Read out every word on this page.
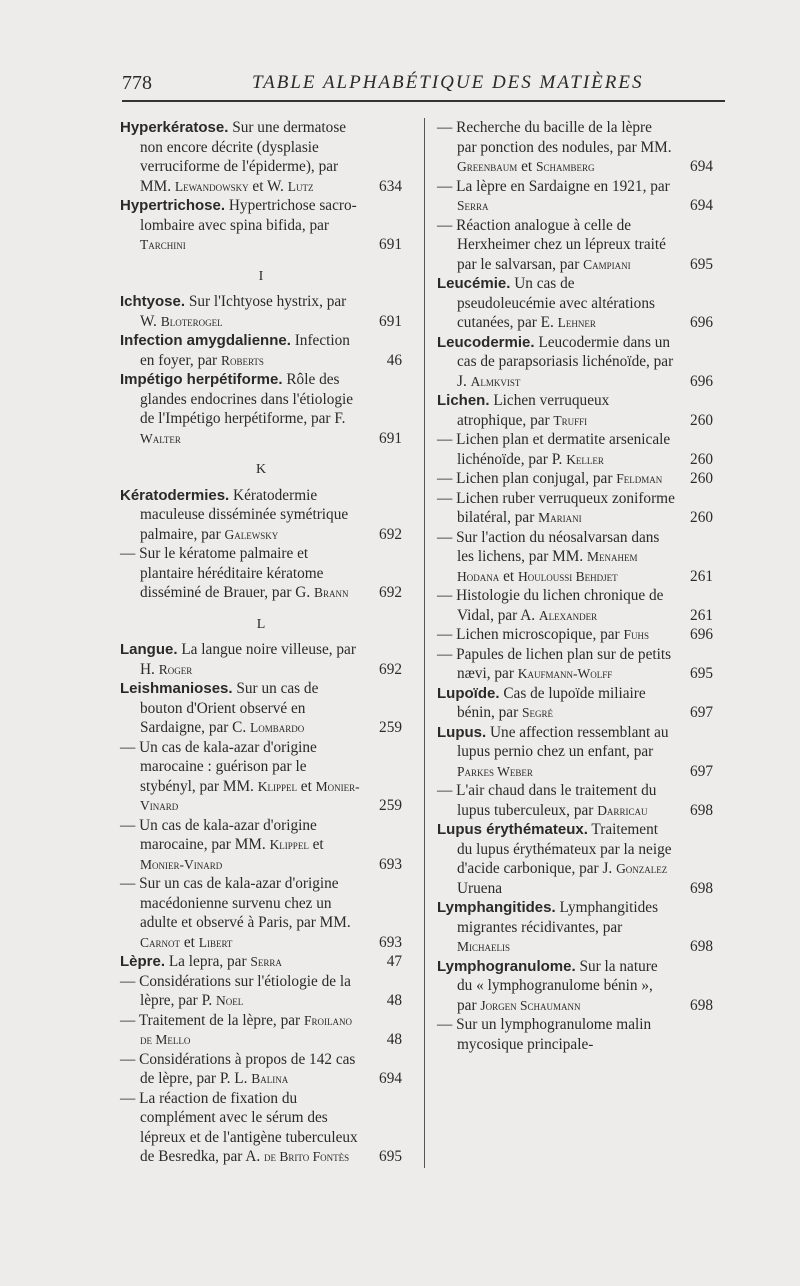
778	TABLE ALPHABÉTIQUE DES MATIÈRES
Hyperkératose. Sur une dermatose non encore décrite (dysplasie verruciforme de l'épiderme), par MM. Lewandowsky et W. Lutz	634
Hypertrichose. Hypertrichose sacro-lombaire avec spina bifida, par Tarchini	691
I
Ichtyose. Sur l'Ichtyose hystrix, par W. Bloterogel	691
Infection amygdalienne. Infection en foyer, par Roberts	46
Impétigo herpétiforme. Rôle des glandes endocrines dans l'étiologie de l'Impétigo herpétiforme, par F. Walter	691
K
Kératodermies. Kératodermie maculeuse disséminée symétrique palmaire, par Galewsky	692
— Sur le kératome palmaire et plantaire héréditaire kératome disséminé de Brauer, par G. Brann 692
L
Langue. La langue noire villeuse, par H. Roger	692
Leishmanioses. Sur un cas de bouton d'Orient observé en Sardaigne, par C. Lombardo	259
— Un cas de kala-azar d'origine marocaine : guérison par le stybényl, par MM. Klippel et Monier-Vinard	259
— Un cas de kala-azar d'origine marocaine, par MM. Klippel et Monier-Vinard	693
— Sur un cas de kala-azar d'origine macédonienne survenu chez un adulte et observé à Paris, par MM. Carnot et Libert	693
Lèpre. La lepra, par Serra	47
— Considérations sur l'étiologie de la lèpre, par P. Noel	48
— Traitement de la lèpre, par Froilano de Mello	48
— Considérations à propos de 142 cas de lèpre, par P. L. Balina	694
— La réaction de fixation du complément avec le sérum des lépreux et de l'antigène tuberculeux de Besredka, par A. de Brito Fontès 695
— Recherche du bacille de la lèpre par ponction des nodules, par MM. Greenbaum et Schamberg	694
— La lèpre en Sardaigne en 1921, par Serra	694
— Réaction analogue à celle de Herxheimer chez un lépreux traité par le salvarsan, par Campiani	695
Leucémie. Un cas de pseudoleucémie avec altérations cutanées, par E. Lehner	696
Leucodermie. Leucodermie dans un cas de parapsoriasis lichénoïde, par J. Almkvist	696
Lichen. Lichen verruqueux atrophique, par Truffi	260
— Lichen plan et dermatite arsenicale lichénoïde, par P. Keller	260
— Lichen plan conjugal, par Feldman 260
— Lichen ruber verruqueux zoniforme bilatéral, par Mariani	260
— Sur l'action du néosalvarsan dans les lichens, par MM. Menahem Hodana et Houloussi Behdjet	261
— Histologie du lichen chronique de Vidal, par A. Alexander	261
— Lichen microscopique, par Fuhs	696
— Papules de lichen plan sur de petits nævi, par Kaufmann-Wolff	695
Lupoïde. Cas de lupoïde miliaire bénin, par Segré	697
Lupus. Une affection ressemblant au lupus pernio chez un enfant, par Parkes Weber	697
— L'air chaud dans le traitement du lupus tuberculeux, par Darricau	698
Lupus érythémateux. Traitement du lupus érythémateux par la neige d'acide carbonique, par J. Gonzalez Uruena	698
Lymphangitides. Lymphangitides migrantes récidivantes, par Michaelis	698
Lymphogranulome. Sur la nature du « lymphogranulome bénin », par Jorgen Schaumann	698
— Sur un lymphogranulome malin mycosique principale-
